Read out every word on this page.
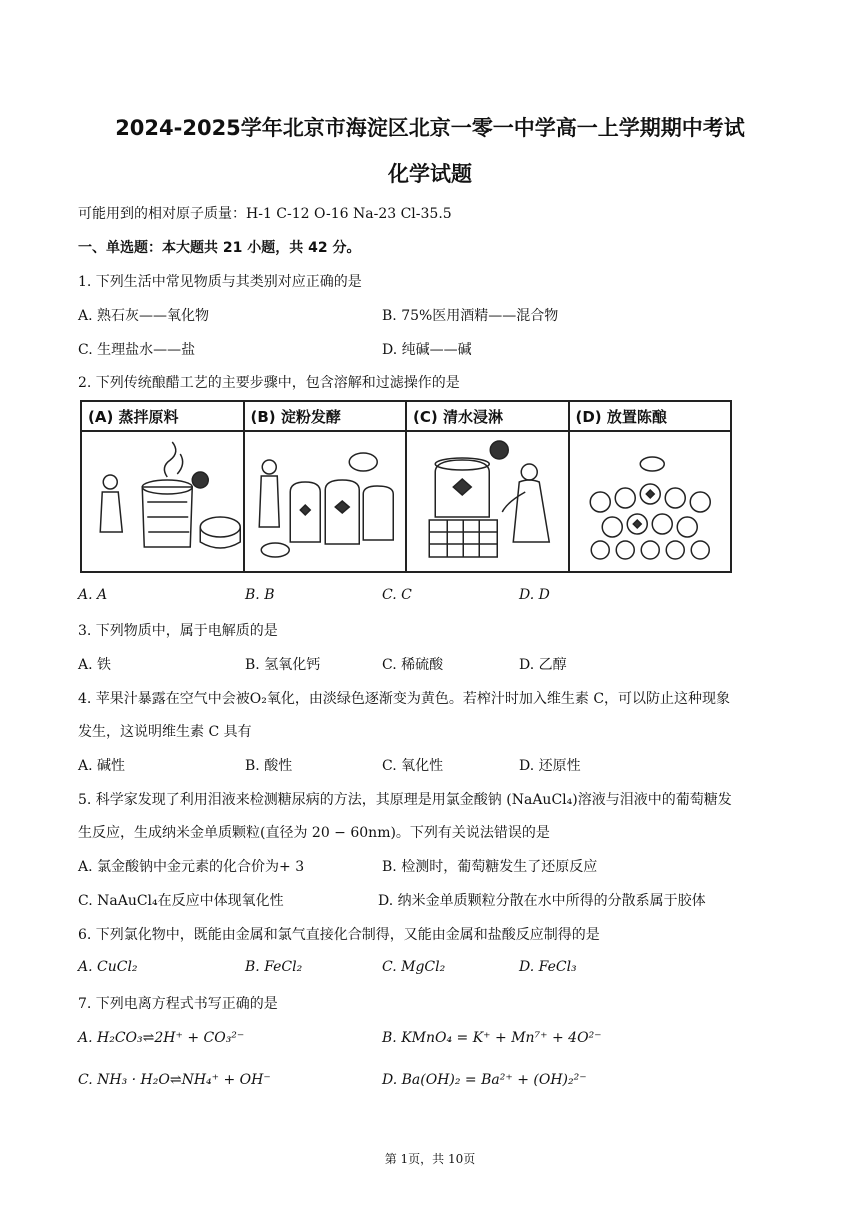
2024-2025学年北京市海淀区北京一零一中学高一上学期期中考试
化学试题
可能用到的相对原子质量：H-1 C-12 O-16 Na-23 Cl-35.5
一、单选题：本大题共 21 小题，共 42 分。
1. 下列生活中常见物质与其类别对应正确的是
A. 熟石灰——氧化物	B. 75%医用酒精——混合物
C. 生理盐水——盐	D. 纯碱——碱
2. 下列传统酿醋工艺的主要步骤中，包含溶解和过滤操作的是
(A) 蒸拌原料	(B) 淀粉发酵	(C) 清水浸淋	(D) 放置陈酿
A. A	B. B	C. C	D. D
3. 下列物质中，属于电解质的是
A. 铁	B. 氢氧化钙	C. 稀硫酸	D. 乙醇
4. 苹果汁暴露在空气中会被O₂氧化，由淡绿色逐渐变为黄色。若榨汁时加入维生素 C，可以防止这种现象
发生，这说明维生素 C 具有
A. 碱性	B. 酸性	C. 氧化性	D. 还原性
5. 科学家发现了利用泪液来检测糖尿病的方法，其原理是用氯金酸钠 (NaAuCl₄)溶液与泪液中的葡萄糖发
生反应，生成纳米金单质颗粒(直径为 20 − 60nm)。下列有关说法错误的是
A. 氯金酸钠中金元素的化合价为+ 3	B. 检测时，葡萄糖发生了还原反应
C. NaAuCl₄在反应中体现氧化性	D. 纳米金单质颗粒分散在水中所得的分散系属于胶体
6. 下列氯化物中，既能由金属和氯气直接化合制得，又能由金属和盐酸反应制得的是
A. CuCl₂	B. FeCl₂	C. MgCl₂	D. FeCl₃
7. 下列电离方程式书写正确的是
A. H₂CO₃⇌2H⁺ + CO₃²⁻	B. KMnO₄ = K⁺ + Mn⁷⁺ + 4O²⁻
C. NH₃ · H₂O⇌NH₄⁺ + OH⁻	D. Ba(OH)₂ = Ba²⁺ + (OH)₂²⁻
第 1页，共 10页
